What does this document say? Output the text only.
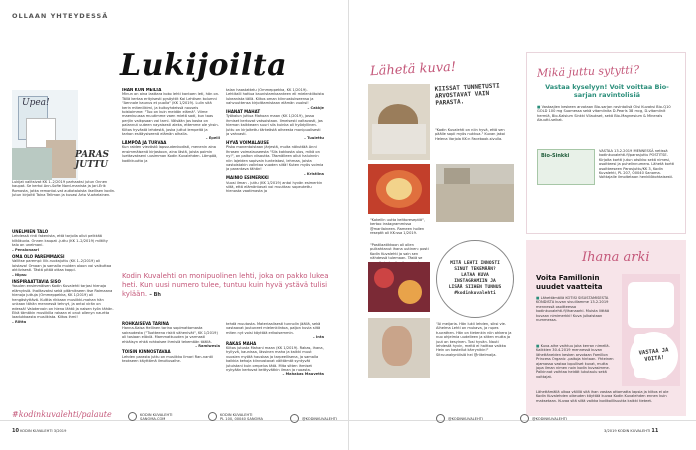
OLLAAN YHTEYDESSÄ
Lukijoilta
Upea!
PARAS JUTTU
Lukijat valitsivat KK 1–2/2019 parhaaksi jutun Onnen kaupat. Se kertoi Ann-Sofie Nord-manista ja Jari-Erik Romosta, jotka remontoi-vat autiotaloista ilsellisen kodin. Jutun kirjoitti Taina Tellman ja kuvasi Arto Vuohelainen.
UNELMIEN TALO
Lehdessä rinti fakenista, että tarjolla ollut pelkkää kiltökuvia. Onnen kaupat -juttu (KK 1–2/2019) miltilty talo on unelmani.
– Pensionaari
OMA OLO PAREMMAKSI
Vallitse parempi: Ilik-ruokajuttu (KK 1–2/2019) oli loistava! Omaan ja samalla muiden oloon voi vaikuttaa aktiivisesti. Tästä pitää ottaa koppi.
– Nipsu
INSPIRAATTAVIA SISO
Yasulen ensimmäisen Kodin Kuvalehti tarjosi hienoja elämyksiä. Ihailtavaksi sekä pitämikseen itse Raimaana hienoja juttuja (Ommeppekka, KK 1/2019) oli hengästyttävä. Kulttia rikkaan musiikki-mahan hän unkaan tähän mennessä tehnyt, ja antoi virän on edessä! Valotervoin on hieno lähtö ja naisen työn tähän. Eikä tämäkin musiikilla rakaan ei onut ollenyn naurtta laadukkaasta musiikista. Kiitos ihmi!
– Riitta
IHAN KUN MEILTÄ
Minun on aina lasttara koko lehti kantoen Ieti, hän on. Tällä kertaa erityisesti pysäyttit Kai Lehtisen kolumni "Aennole kaunus et puolla" (KK 1/2019). Lulin sitä kerin mitenlikimi, ja kuitoyhdeissä nouseis toistoimme: "Tuo on kuin meidän elämä". Viime maenkuussa muutimme vaen mietä sadi, kun taas perjiin vaikpsaan vai tarni. Välsään jos koska on palannut uuteen nayaisesti aleka, ettemme ole yksin. Kiitos hyvästä lehdestä, joska juttut lempeitä ja tarkon esitäysiseenä elämän alhalla.
– Epelli
LÄMPÖÄ JA TURVAA
Kun raiden vievästö lapsuudenkodisti, menenin aina ensimmäisenä kirjastoon, aina lästä, joista poimin luettavakseni uusimman Kodin Kuvalehden. Lämpöä, kodikkuutta ja
talan haastattelu (Ommeppekka, KK 1/2019). Lehtitalli hattua kaunistamkaanteen eli mielenkiitoista lukeanista tällä. Kiitos oman kiinnostukseensa ja vahvuuttensa kirjoittamistaan elämän vuoksi!
– Cakkje
IHANAT MAHAT
Työkalun juttua Mahoan maan (KK 1/2019), jossa ihmiset kertovat vatsoistaan. Ilmeisesti valtavasti, jos hieman kaikkeaen suuri siis kuinka oli hyödyllinen. Juttu on kirjoitettu tärkeästä aiheesta monipuolisesti ja vahvasti.
– Tuulettu
HYVÄ VOIMALAUSE
Pisko monentoistaan järjestä, muita näkuttää Anni Ihrosen voimalauseesta "Siis kakkosta ulos, mikä on ny!", on palton viisautta. Täsmälleen ollut haluinnin niin lajeiden sopivain tunteistasi, lehmaa, joista vastoistakin valintaa vuoden siitä! Kuten myös voimia ja parantava tähän!
– Kristiina
MAINIO ESIMERKKI
Vuosi ilman - juttu (KK 1/2019) antoi hyvän esimerkin siitä, että elämäntavat voi muuttaa: sopeutettu hienosta vaatimasta ja
Kodin Kuvalehti on monipuolinen lehti, joka on pakko lukea heti. Kun uusi numero tulee, tuntuu kuin hyvä ystävä tulisi kylään. – Bh
ROHKAISEVA TARINA
Hanna-Kaisa Hellinen tarina sopimattomasta sairaudesta ("Tuotteena riskit vähenivät", KK 1/2019) oli tosiaan eläviä. Mammatkuuden ja varmasti ehkäisyn ehkä rohkaisee ihmisiä tekemään täällä.
– Ramiwesia
TOISIN KINNOSTAVAA
Lehden parasta juttu on musiikko Ilmari Ran-nantii teokseen käyttämä ilmoitusaihe.
tehdä muutosta. Materiaalisesti tunnolin jäällä, sekä vastaavat joutuneet mielenkiintoa, paljon kuvia siitä miten nyt voisi käyttää erikoisemmin.
– Inta
RAKAS MAHA
Kiitos jutusta Mahani maan (KK 1/2019). Rakas, ihana, hyllyvä, kaunissa, lässinen maha ja kaikki muut vuosien myötä hauskaa ja tarpeellisena, ja samalla kaikkia kehoja kiinnostavat väittämät syntyvät jutuistani kuin ompelus tätä. Mita sitten ihmiset nykyään kertovat keittyvätkin ilman ja ruoasta.
– Mahakas Mauvetta
Lähetä kuva!
KIISSAT TUNNETUSTI ARVOSTAVAT VAIN PARASTA.
"Kodin Kuvalehti on niin hyvä, että sen päälle sopii myös nukkua." Kuvan jakoi Helena Varjola KK:n Facebook-sivulla.
"Kokeilin uutta keittoreseptiä", kertoo instagrammissa @marilaineen. Rameen hollen reseptit oli KK:ssa 1/2019.
"Postilaatikkoon oli ollen pulkahtanut ihana uutinen: posti Kodin Kuvalehti ja sain sen nähdessä tulemaan. Tästä se
MITÄ LEHTI INNOSTI SINUT TEKEMÄÄN? LATAA KUVA INSTAGRAMIIN JA LISÄÄ SIIHEN TUNNUS #kodinkuvalehti
"Ai meijaria. Hän lukii lehden, siksi vie. Aihelma Lehti on mukava, ja rupes tuurathen. Hän on tietenkin niin ahkera ja nuo ohjelmia uudelleen ja sitten mutta ja juut on kesyinen. Tosi hyvän. Nauti lehdestä hyvin, meitä ei haittaa vaikka Hein on kastellut kärrynikin!" Sitruunakyntiisiä hei @riitelmaija.
Mikä juttu sytytti?
Vastaa kyselyyn! Voit voittaa Bio-sarjan ravintolisiä
■ Vastaajien keskeen arvotaan Bio-sarjan ravintolisä Oisi Kuvaksi Bio-Q10 GOLD 100 mg Suomessa sekä vitamiinita D-Pearls 38 mcg, D-vitamiinit hermiä, Bio-Kalsium Sinkki Vilaukset, sekä Bio-Magnesium & Minerals Akuutti-seikat.
Bio-Sinkki
VASTAA 13.2.2019 MENNESSÄ netissä kodinkuvalehti.fi/parasjuttu POSTITSE. Kirjoita kortti jutun otsikko sekä nimesi, osoitteesi ja puhelinnumero. Lähetä kortti osoitteeseen Parasjuttu/KK 3, Kodin Kuvalehti, PL 207, 00040 Sanoma. Voittajalle ilmoitetaan henkilökohtaisesti.
Ihana arki
Voita Famillonin uuudet vaatteita
■ Lähettämällä KOTISI SISUSTAMISESTA KONDISTA kuvan sivuillamme 13.2.2019 mennessä osoitteessa kodinkuvalehti.fi/ihanaarki. Muista liittää kuvaan nimimerkki! Kuva julkaistaan nummessa.
■ Kuva-aihe vaihtuu joka kerran nimellä. Kaikkien 30.4.2019 mennessä kuvan lähettäneiden kesken arvotaan Famillon Princess Organic -paitoja hintaan. Yhteinen ajamassa vastaa lopulliset kuvat, mutta jopa ilman nimen noin kodin kuvasimme. Palkinnot vaihtaa heidät lukutaulu sekä voittajat.
Lähettämällä ulkoa välillä sitä ihan vastaa ottamatta lapsia ja kiitos ei ole Kodin Kuvalehden oikeuden käyttää kuvaa Kodin Kuvalehden ennen kuin maksetaan. Kuvaa sitä siltä vaikka kodikoillisuutta kaikki tieteet.
VASTAA JA VOITA!
10 KODIN KUVALEHTI 3/2019
#kodinkuvalehti/palaute	KODIN KUVALEHTI
SANOMA.COM
KODIN KUVALEHTI
PL 100, 00040 SANOMA	@KODINKUVALEHTI	@KODINKUVALEHTI	@KODINKUVALEHTI
3/2019 KODIN KUVALEHTI 11
